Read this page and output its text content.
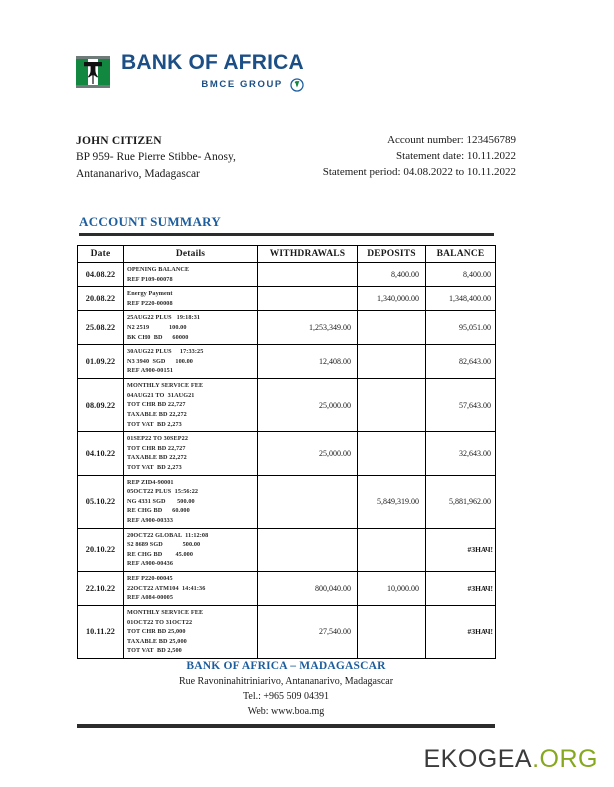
BANK OF AFRICA
BMCE GROUP
JOHN CITIZEN
BP 959- Rue Pierre Stibbe- Anosy,
Antananarivo, Madagascar
Account number: 123456789
Statement date: 10.11.2022
Statement period: 04.08.2022 to 10.11.2022
ACCOUNT SUMMARY
Date	Details	WITHDRAWALS	DEPOSITS	BALANCE
04.08.22	OPENING BALANCE
REF P109-00078		8,400.00	8,400.00
20.08.22	Energy Payment
REF P220-00008		1,340,000.00	1,348,400.00
25.08.22	25AUG22 PLUS   19:18:31
N2 2519            100.00
BK CH0  BD      60000	1,253,349.00		95,051.00
01.09.22	30AUG22 PLUS     17:33:25
N3 3940  SGD      100.00
REF A900-00151	12,408.00		82,643.00
08.09.22	MONTHLY SERVICE FEE
04AUG21 TO  31AUG21
TOT CHR BD 22,727
TAXABLE BD 22,272
TOT VAT  BD 2,273	25,000.00		57,643.00
04.10.22	01SEP22 TO 30SEP22
TOT CHR BD 22,727
TAXABLE BD 22,272
TOT VAT  BD 2,273	25,000.00		32,643.00
05.10.22	REP ZID4-90001
05OCT22 PLUS  15:56:22
NG 4331 SGD       500.00
RE CHG BD      60.000
REF A900-00333		5,849,319.00	5,881,962.00
20.10.22	20OCT22 GLOBAL  11:12:08
S2 8689 SGD            500.00
RE CHG BD        45.000
REF A900-00436			#ЗНАЧ!
22.10.22	REF P220-00045
22OCT22 ATM104  14:41:36
REF A084-00005	800,040.00	10,000.00	#ЗНАЧ!
10.11.22	MONTHLY SERVICE FEE
01OCT22 TO 31OCT22
TOT CHR BD 25,000
TAXABLE BD 25,000
TOT VAT  BD 2,500	27,540.00		#ЗНАЧ!
BANK OF AFRICA – MADAGASCAR
Rue Ravoninahitriniarivo, Antananarivo, Madagascar
Tel.: +965 509 04391
Web: www.boa.mg
EKOGEA.ORG
